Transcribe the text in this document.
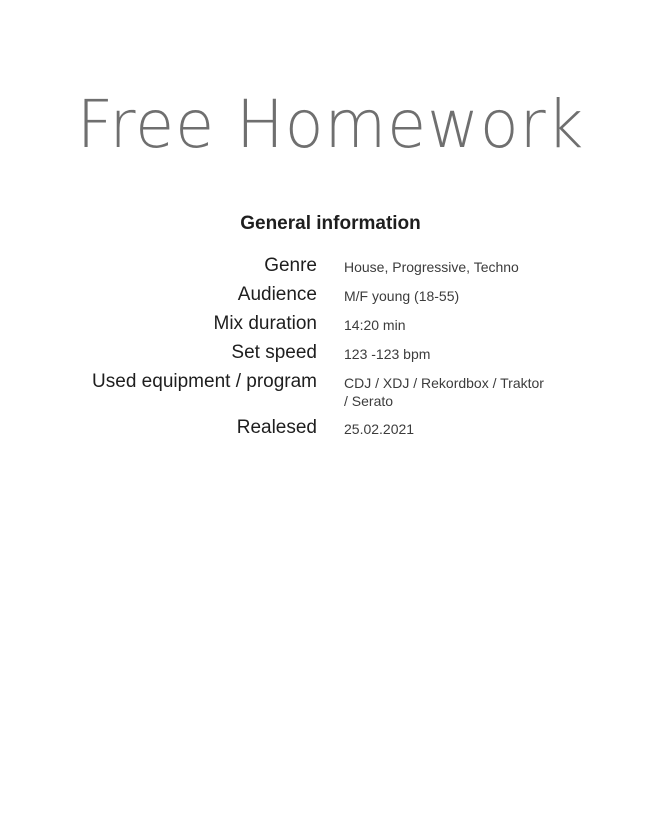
Free Homework
General information
Genre House, Progressive, Techno
Audience M/F young (18-55)
Mix duration 14:20 min
Set speed 123 -123 bpm
Used equipment / program CDJ / XDJ / Rekordbox / Traktor / Serato
Realesed 25.02.2021
